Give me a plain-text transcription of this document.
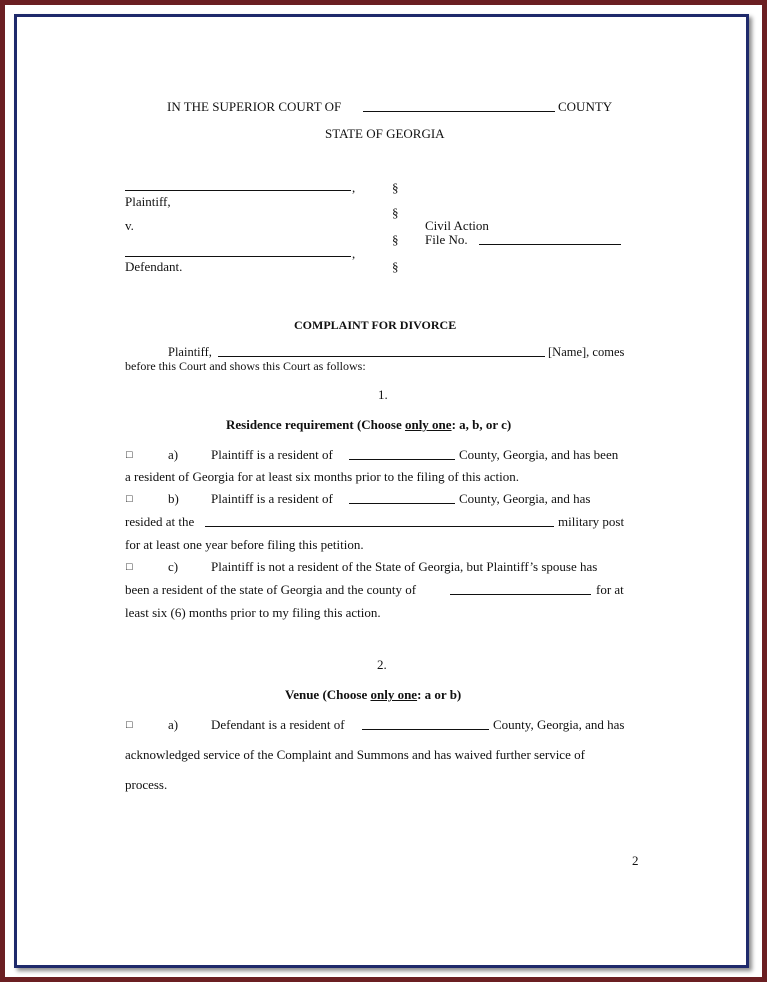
IN THE SUPERIOR COURT OF	COUNTY
STATE OF GEORGIA
,
Plaintiff,
v.
,
Defendant.
§
§
§
§
Civil Action
File No.
COMPLAINT FOR DIVORCE
Plaintiff,	[Name], comes
before this Court and shows this Court as follows:
1.
Residence requirement (Choose only one: a, b, or c)
□	a)	Plaintiff is a resident of	County, Georgia, and has been
a resident of Georgia for at least six months prior to the filing of this action.
□	b) Plaintiff is a resident of	County, Georgia, and has
resided at the	military post
for at least one year before filing this petition.
□	c)	Plaintiff is not a resident of the State of Georgia, but Plaintiff’s spouse has
been a resident of the state of Georgia and the county of	for at
least six (6) months prior to my filing this action.
2.
Venue (Choose only one: a or b)
□	a)	Defendant is a resident of	County, Georgia, and has
acknowledged service of the Complaint and Summons and has waived further service of
process.
2
